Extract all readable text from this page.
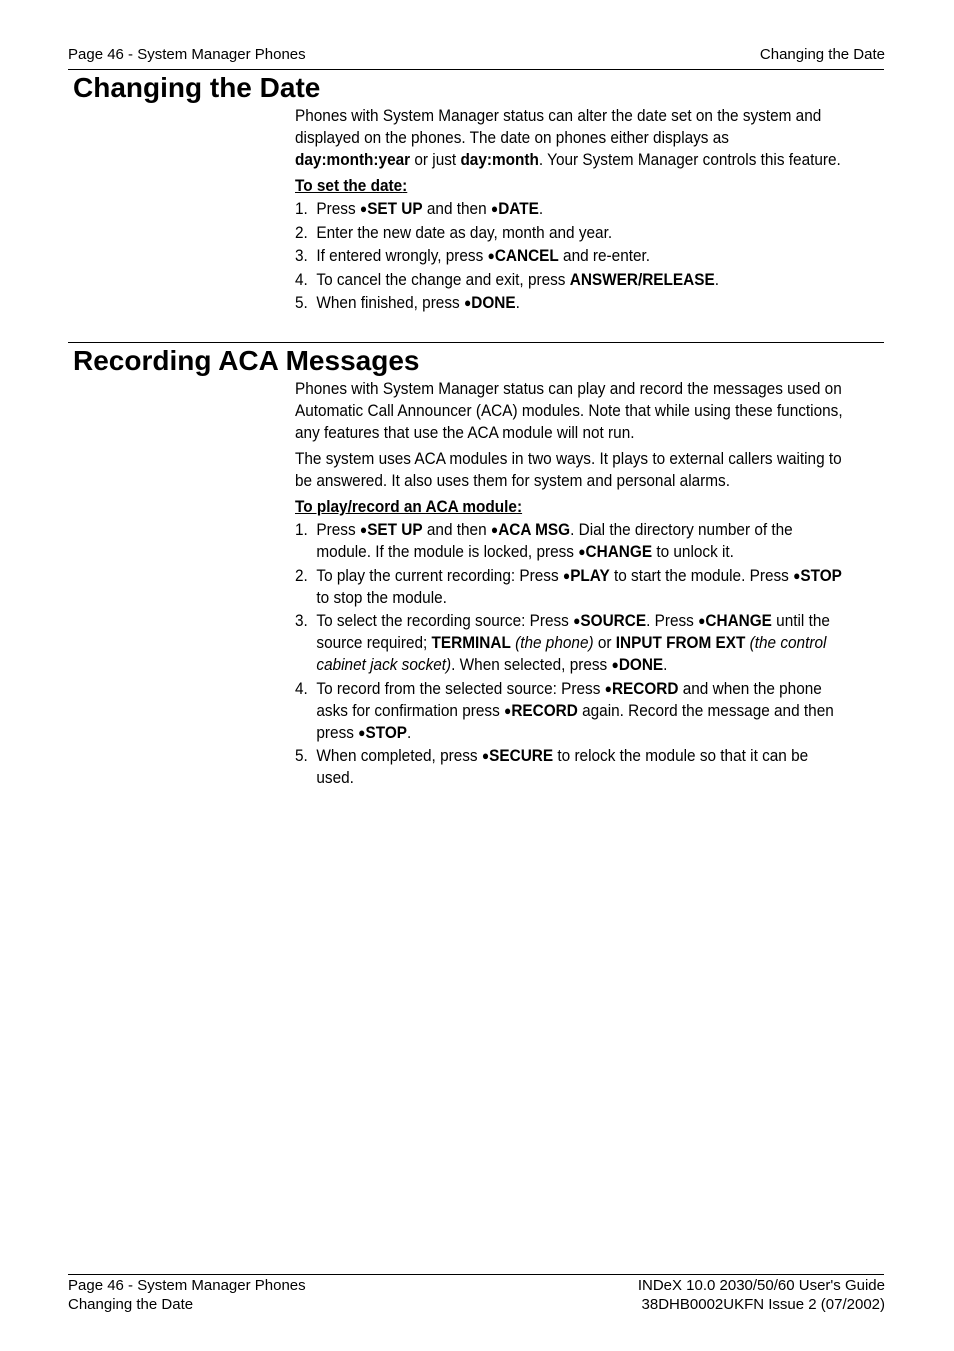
Page 46 - System Manager Phones	Changing the Date
Changing the Date

Phones with System Manager status can alter the date set on the system and displayed on the phones. The date on phones either displays as day:month:year or just day:month. Your System Manager controls this feature.

To set the date:
1. Press ●SET UP and then ●DATE.
2. Enter the new date as day, month and year.
3. If entered wrongly, press ●CANCEL and re-enter.
4. To cancel the change and exit, press ANSWER/RELEASE.
5. When finished, press ●DONE.
Recording ACA Messages

Phones with System Manager status can play and record the messages used on Automatic Call Announcer (ACA) modules. Note that while using these functions, any features that use the ACA module will not run.

The system uses ACA modules in two ways. It plays to external callers waiting to be answered. It also uses them for system and personal alarms.

To play/record an ACA module:
1. Press ●SET UP and then ●ACA MSG. Dial the directory number of the module. If the module is locked, press ●CHANGE to unlock it.
2. To play the current recording: Press ●PLAY to start the module. Press ●STOP to stop the module.
3. To select the recording source: Press ●SOURCE. Press ●CHANGE until the source required; TERMINAL (the phone) or INPUT FROM EXT (the control cabinet jack socket). When selected, press ●DONE.
4. To record from the selected source: Press ●RECORD and when the phone asks for confirmation press ●RECORD again. Record the message and then press ●STOP.
5. When completed, press ●SECURE to relock the module so that it can be used.
Page 46 - System Manager Phones
Changing the Date
INDeX 10.0 2030/50/60 User's Guide
38DHB0002UKFN Issue 2 (07/2002)
